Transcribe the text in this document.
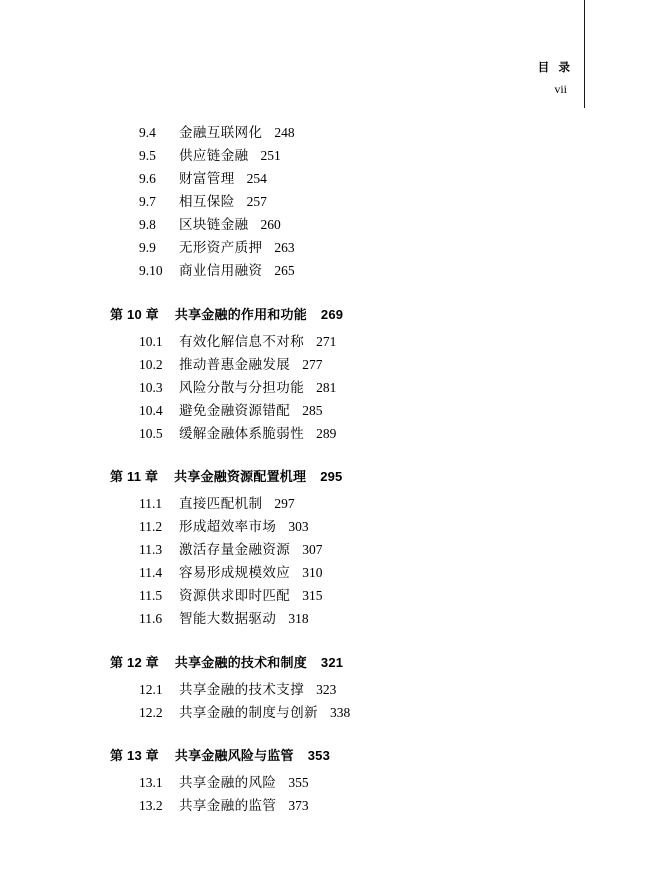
目 录
vii
9.4	金融互联网化 248
9.5	供应链金融 251
9.6	财富管理 254
9.7	相互保险 257
9.8	区块链金融 260
9.9	无形资产质押 263
9.10	商业信用融资 265
第 10 章 共享金融的作用和功能 269
10.1	有效化解信息不对称 271
10.2	推动普惠金融发展 277
10.3	风险分散与分担功能 281
10.4	避免金融资源错配 285
10.5	缓解金融体系脆弱性 289
第 11 章 共享金融资源配置机理 295
11.1	直接匹配机制 297
11.2	形成超效率市场 303
11.3	激活存量金融资源 307
11.4	容易形成规模效应 310
11.5	资源供求即时匹配 315
11.6	智能大数据驱动 318
第 12 章 共享金融的技术和制度 321
12.1	共享金融的技术支撑 323
12.2	共享金融的制度与创新 338
第 13 章 共享金融风险与监管 353
13.1	共享金融的风险 355
13.2	共享金融的监管 373
